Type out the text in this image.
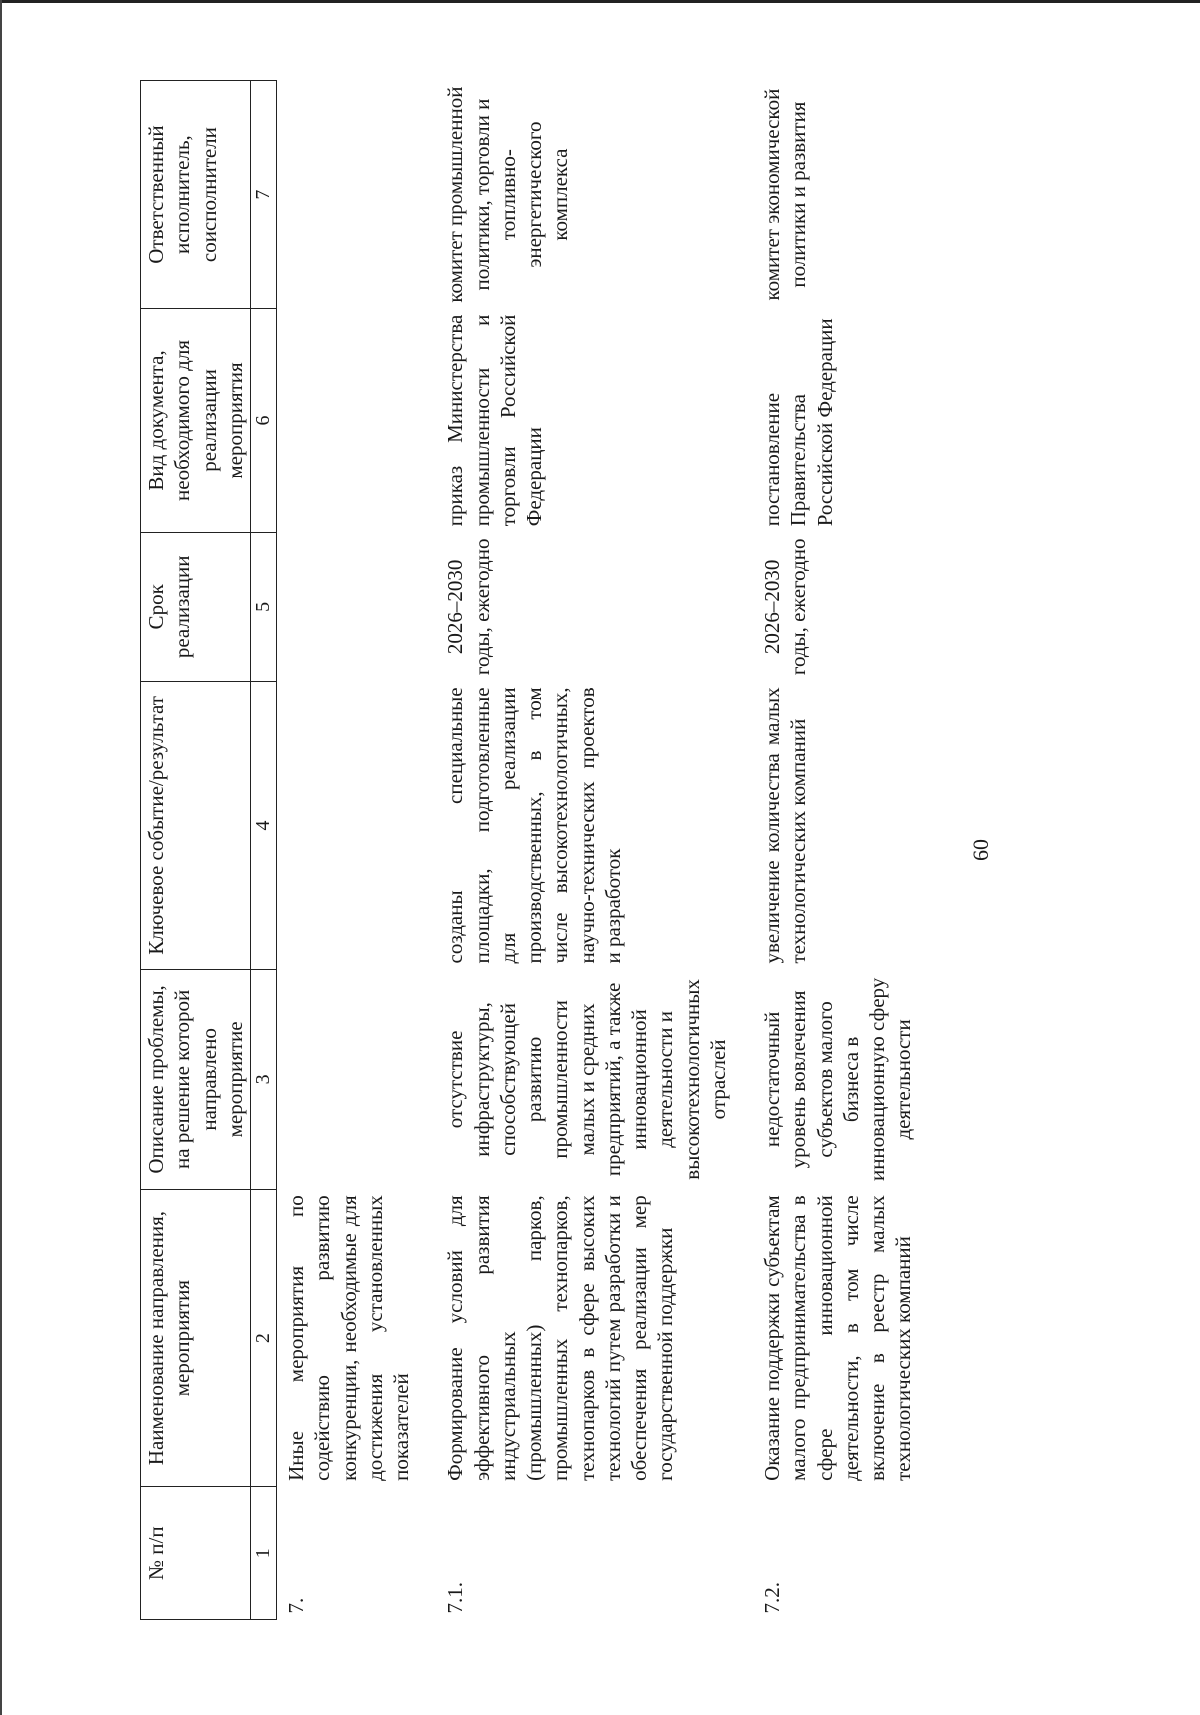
60
№ п/п	Наименование направления, мероприятия	Описание проблемы, на решение которой направлено мероприятие	Ключевое событие/результат	Срок реализации	Вид документа, необходимого для реализации мероприятия	Ответственный исполнитель, соисполнители
1	2	3	4	5	6	7
7.	Иные мероприятия по содействию развитию конкуренции, необходимые для достижения установленных показателей					
7.1.	Формирование условий для эффективного развития индустриальных (промышленных) парков, промышленных технопарков, технопарков в сфере высоких технологий путем разработки и обеспечения реализации мер государственной поддержки	отсутствие инфраструктуры, способствующей развитию промышленности малых и средних предприятий, а также инновационной деятельности и высокотехнологичных отраслей	созданы специальные площадки, подготовленные для реализации производственных, в том числе высокотехнологичных, научно-технических проектов и разработок	2026–2030 годы, ежегодно	приказ Министерства промышленности и торговли Российской Федерации	комитет промышленной политики, торговли и топливно-энергетического комплекса
7.2.	Оказание поддержки субъектам малого предпринимательства в сфере инновационной деятельности, в том числе включение в реестр малых технологических компаний	недостаточный уровень вовлечения субъектов малого бизнеса в инновационную сферу деятельности	увеличение количества малых технологических компаний	2026–2030 годы, ежегодно	постановление Правительства Российской Федерации	комитет экономической политики и развития
